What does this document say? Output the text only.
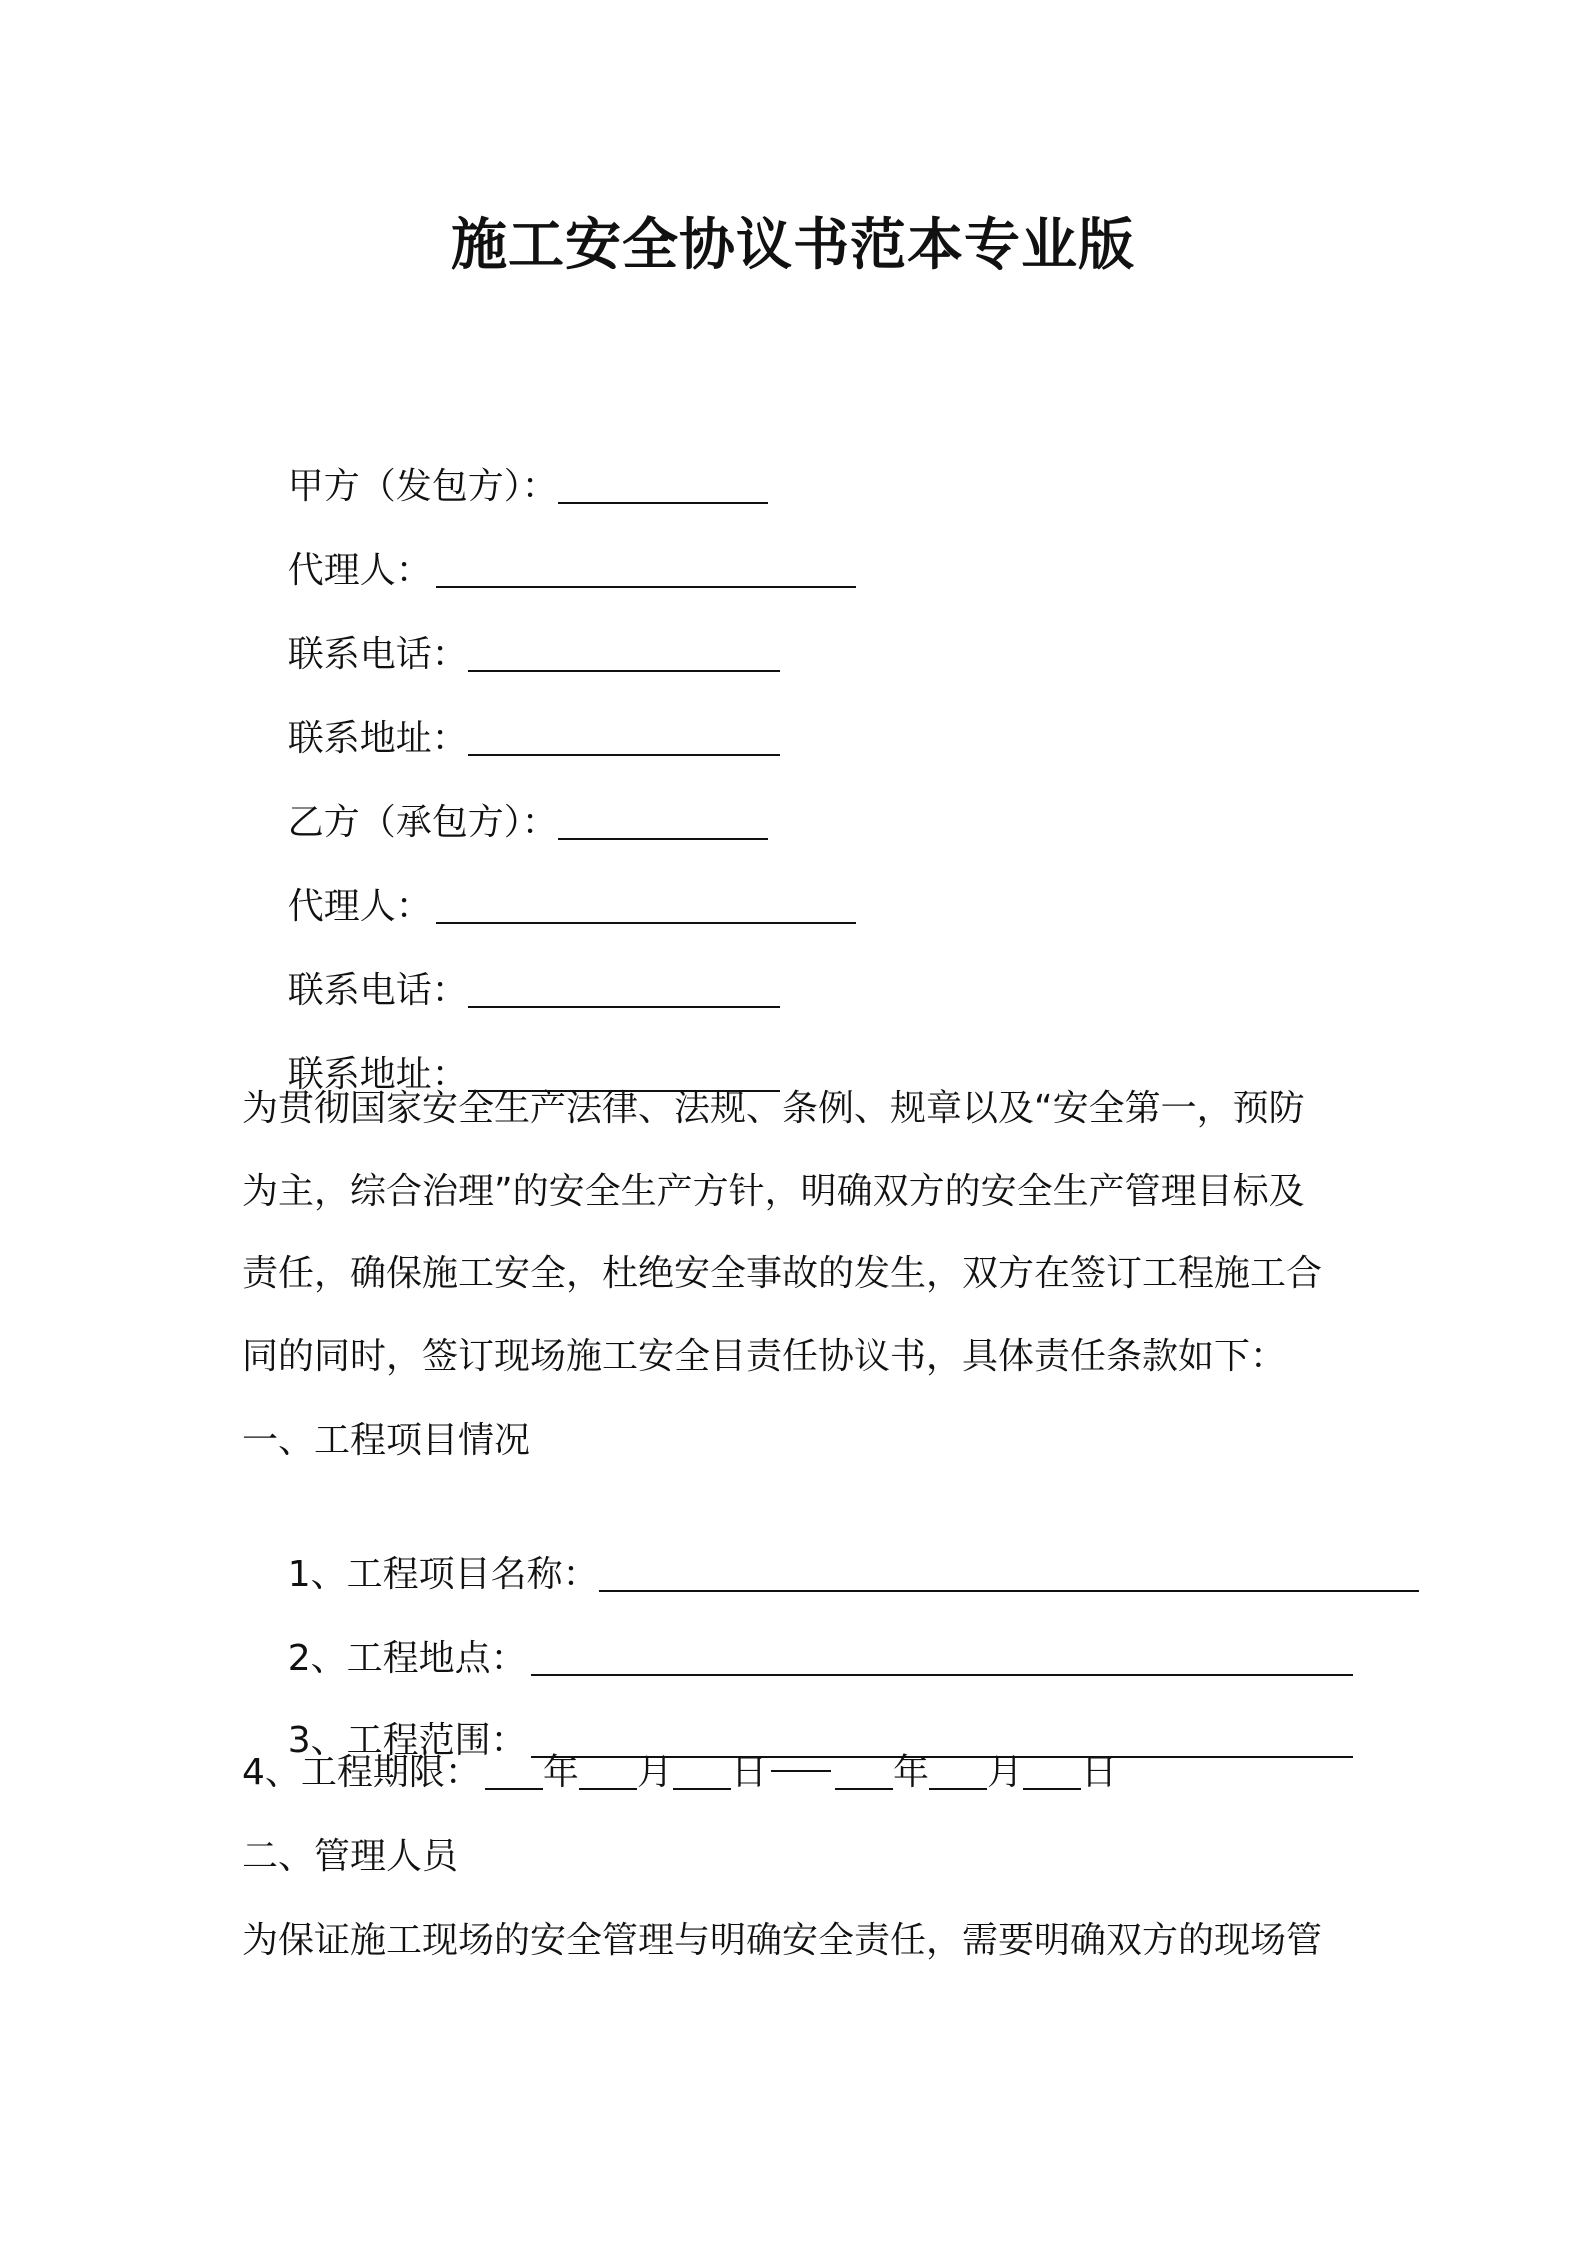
施工安全协议书范本专业版

甲方（发包方）：

代理人：

联系电话：

联系地址：

乙方（承包方）：

代理人：

联系电话：

联系地址：

为贯彻国家安全生产法律、法规、条例、规章以及“安全第一，预防
为主，综合治理”的安全生产方针，明确双方的安全生产管理目标及
责任，确保施工安全，杜绝安全事故的发生，双方在签订工程施工合
同的同时，签订现场施工安全目责任协议书，具体责任条款如下：
一、工程项目情况

1、工程项目名称：

2、工程地点：

3、工程范围：

4、工程期限： 年 月 日	年 月 日
二、管理人员
为保证施工现场的安全管理与明确安全责任，需要明确双方的现场管
